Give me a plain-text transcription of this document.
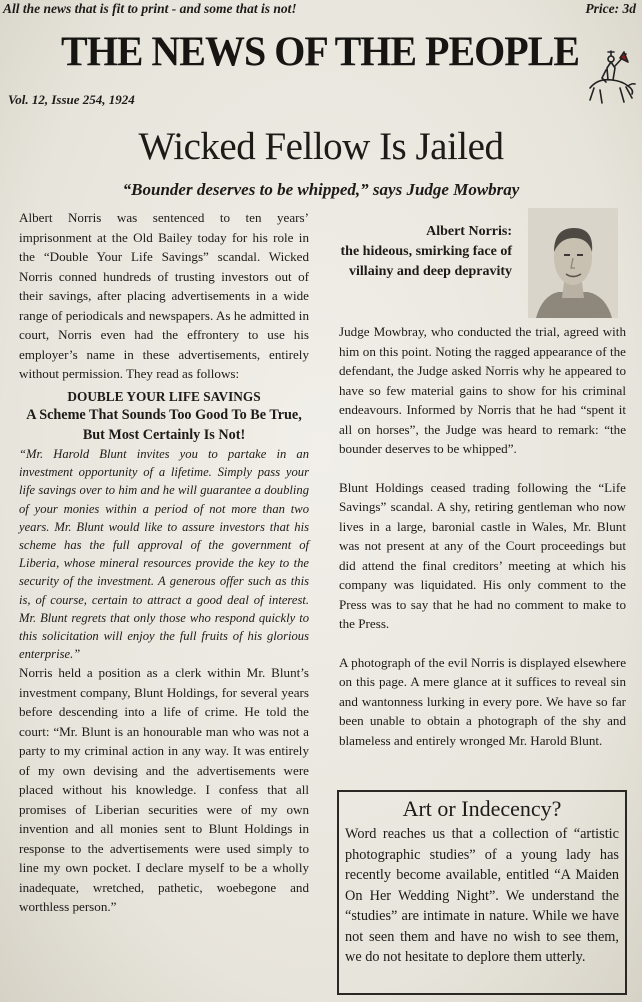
All the news that is fit to print - and some that is not!	Price: 3d
THE NEWS OF THE PEOPLE
Vol. 12, Issue 254, 1924
Wicked Fellow Is Jailed
“Bounder deserves to be whipped,” says Judge Mowbray

Albert Norris was sentenced to ten years’ imprisonment at the Old Bailey today for his role in the “Double Your Life Savings” scandal. Wicked Norris conned hundreds of trusting investors out of their savings, after placing advertisements in a wide range of periodicals and newspapers. As he admitted in court, Norris even had the effrontery to use his employer’s name in these advertisements, entirely without permission. They read as follows:

DOUBLE YOUR LIFE SAVINGS
A Scheme That Sounds Too Good To Be True, But Most Certainly Is Not!

“Mr. Harold Blunt invites you to partake in an investment opportunity of a lifetime. Simply pass your life savings over to him and he will guarantee a doubling of your monies within a period of not more than two years. Mr. Blunt would like to assure investors that his scheme has the full approval of the government of Liberia, whose mineral resources provide the key to the security of the investment. A generous offer such as this is, of course, certain to attract a good deal of interest. Mr. Blunt regrets that only those who respond quickly to this solicitation will enjoy the full fruits of his glorious enterprise.”

Norris held a position as a clerk within Mr. Blunt’s investment company, Blunt Holdings, for several years before descending into a life of crime. He told the court: “Mr. Blunt is an honourable man who was not a party to my criminal action in any way. It was entirely of my own devising and the advertisements were placed without his knowledge. I confess that all promises of Liberian securities were of my own invention and all monies sent to Blunt Holdings in response to the advertisements were used simply to line my own pocket. I declare myself to be a wholly inadequate, wretched, pathetic, woebegone and worthless person.”

Albert Norris:
the hideous, smirking face of villainy and deep depravity

Judge Mowbray, who conducted the trial, agreed with him on this point. Noting the ragged appearance of the defendant, the Judge asked Norris why he appeared to have so few material gains to show for his criminal endeavours. Informed by Norris that he had “spent it all on horses”, the Judge was heard to remark: “the bounder deserves to be whipped”.

Blunt Holdings ceased trading following the “Life Savings” scandal. A shy, retiring gentleman who now lives in a large, baronial castle in Wales, Mr. Blunt was not present at any of the Court proceedings but did attend the final creditors’ meeting at which his company was liquidated. His only comment to the Press was to say that he had no comment to make to the Press.

A photograph of the evil Norris is displayed elsewhere on this page. A mere glance at it suffices to reveal sin and wantonness lurking in every pore. We have so far been unable to obtain a photograph of the shy and blameless and entirely wronged Mr. Harold Blunt.

Art or Indecency?
Word reaches us that a collection of “artistic photographic studies” of a young lady has recently become available, entitled “A Maiden On Her Wedding Night”. We understand the “studies” are intimate in nature. While we have not seen them and have no wish to see them, we do not hesitate to deplore them utterly.
